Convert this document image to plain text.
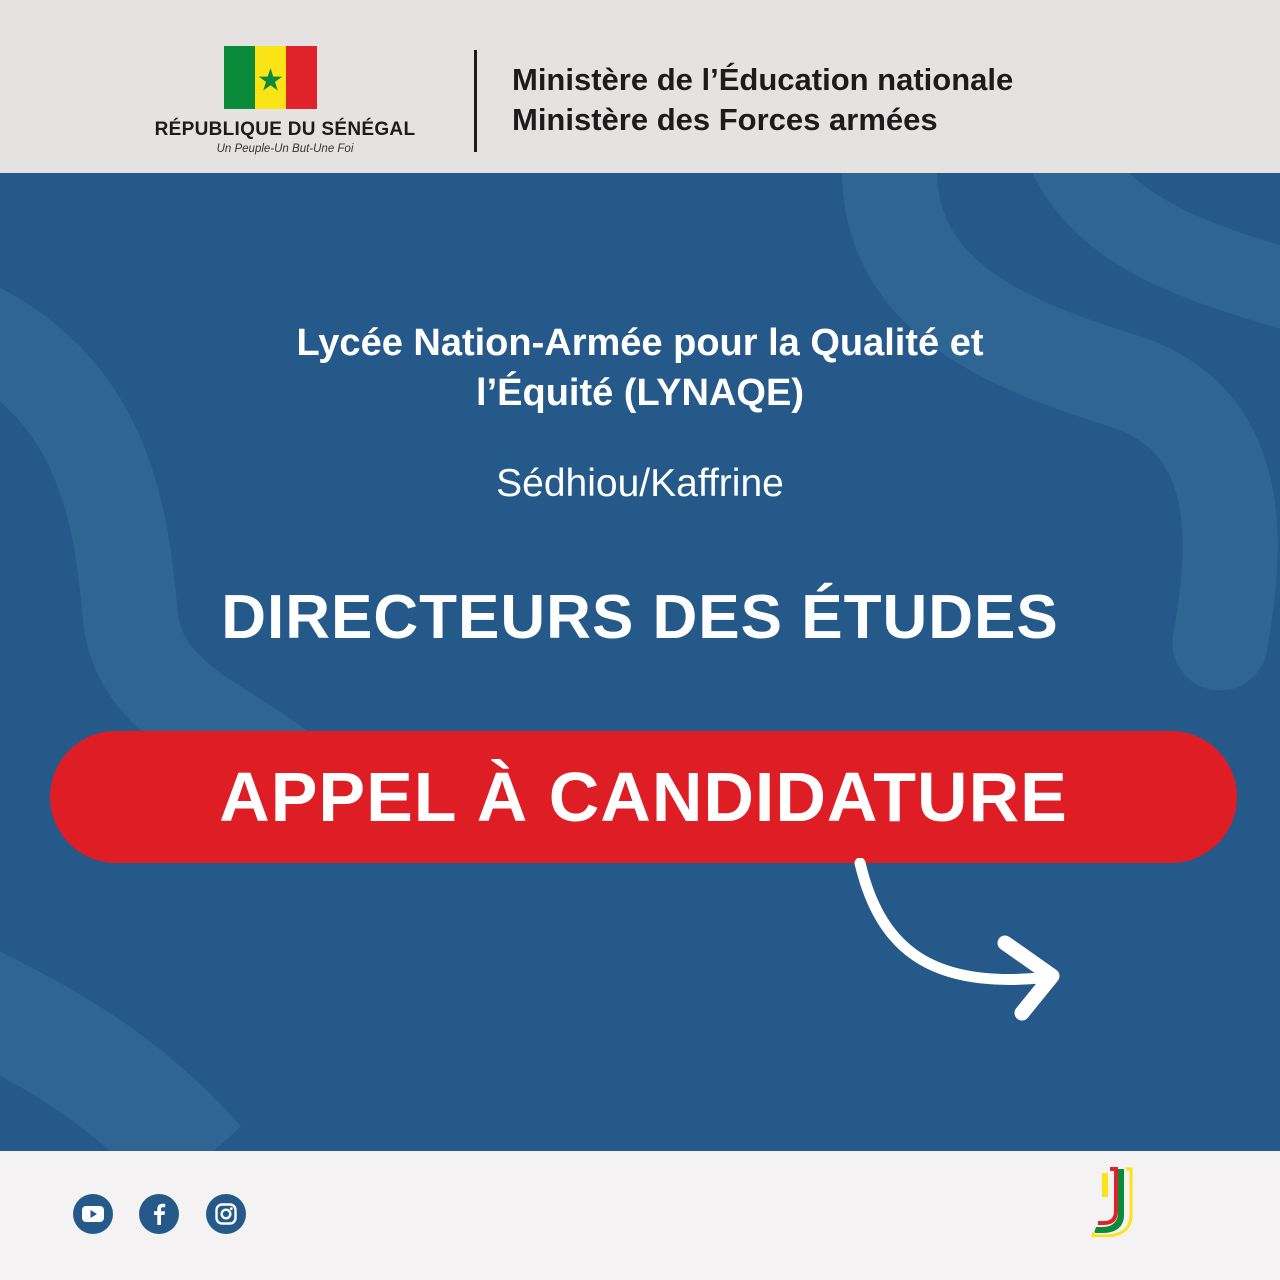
RÉPUBLIQUE DU SÉNÉGAL
Un Peuple-Un But-Une Foi
Ministère de l’Éducation nationale
Ministère des Forces armées
Lycée Nation-Armée pour la Qualité et
l’Équité (LYNAQE)
Sédhiou/Kaffrine
DIRECTEURS DES ÉTUDES
APPEL À CANDIDATURE
